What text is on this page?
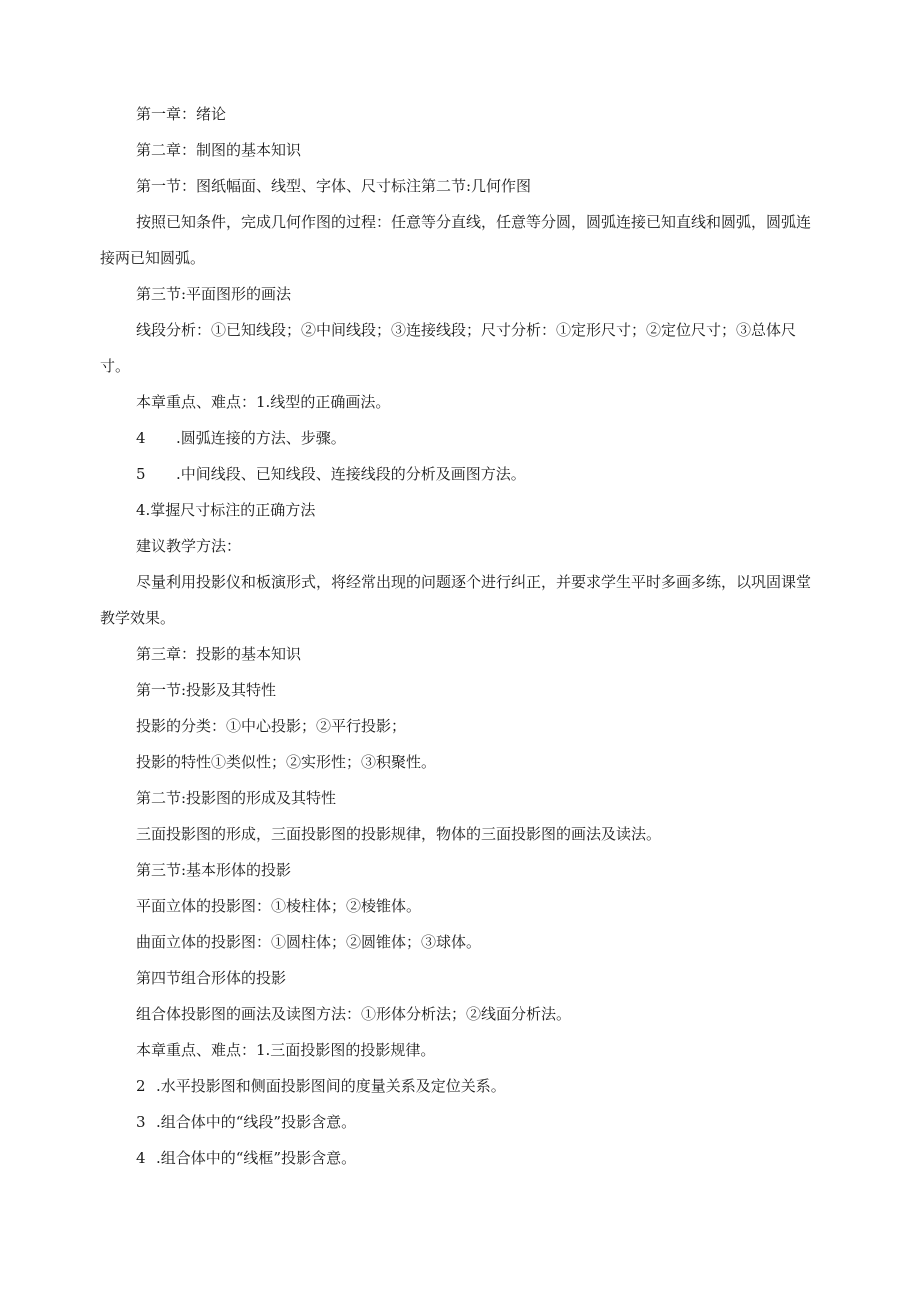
第一章：绪论
第二章：制图的基本知识
第一节：图纸幅面、线型、字体、尺寸标注第二节:几何作图
按照已知条件，完成几何作图的过程：任意等分直线，任意等分圆，圆弧连接已知直线和圆弧，圆弧连接两已知圆弧。
第三节:平面图形的画法
线段分析：①已知线段；②中间线段；③连接线段；尺寸分析：①定形尺寸；②定位尺寸；③总体尺寸。
本章重点、难点：1.线型的正确画法。
4 .圆弧连接的方法、步骤。
5 .中间线段、已知线段、连接线段的分析及画图方法。
4.掌握尺寸标注的正确方法
建议教学方法：
尽量利用投影仪和板演形式，将经常出现的问题逐个进行纠正，并要求学生平时多画多练，以巩固课堂教学效果。
第三章：投影的基本知识
第一节:投影及其特性
投影的分类：①中心投影；②平行投影；
投影的特性①类似性；②实形性；③积聚性。
第二节:投影图的形成及其特性
三面投影图的形成，三面投影图的投影规律，物体的三面投影图的画法及读法。
第三节:基本形体的投影
平面立体的投影图：①棱柱体；②棱锥体。
曲面立体的投影图：①圆柱体；②圆锥体；③球体。
第四节组合形体的投影
组合体投影图的画法及读图方法：①形体分析法；②线面分析法。
本章重点、难点：1.三面投影图的投影规律。
2 .水平投影图和侧面投影图间的度量关系及定位关系。
3 .组合体中的“线段”投影含意。
4 .组合体中的“线框”投影含意。
